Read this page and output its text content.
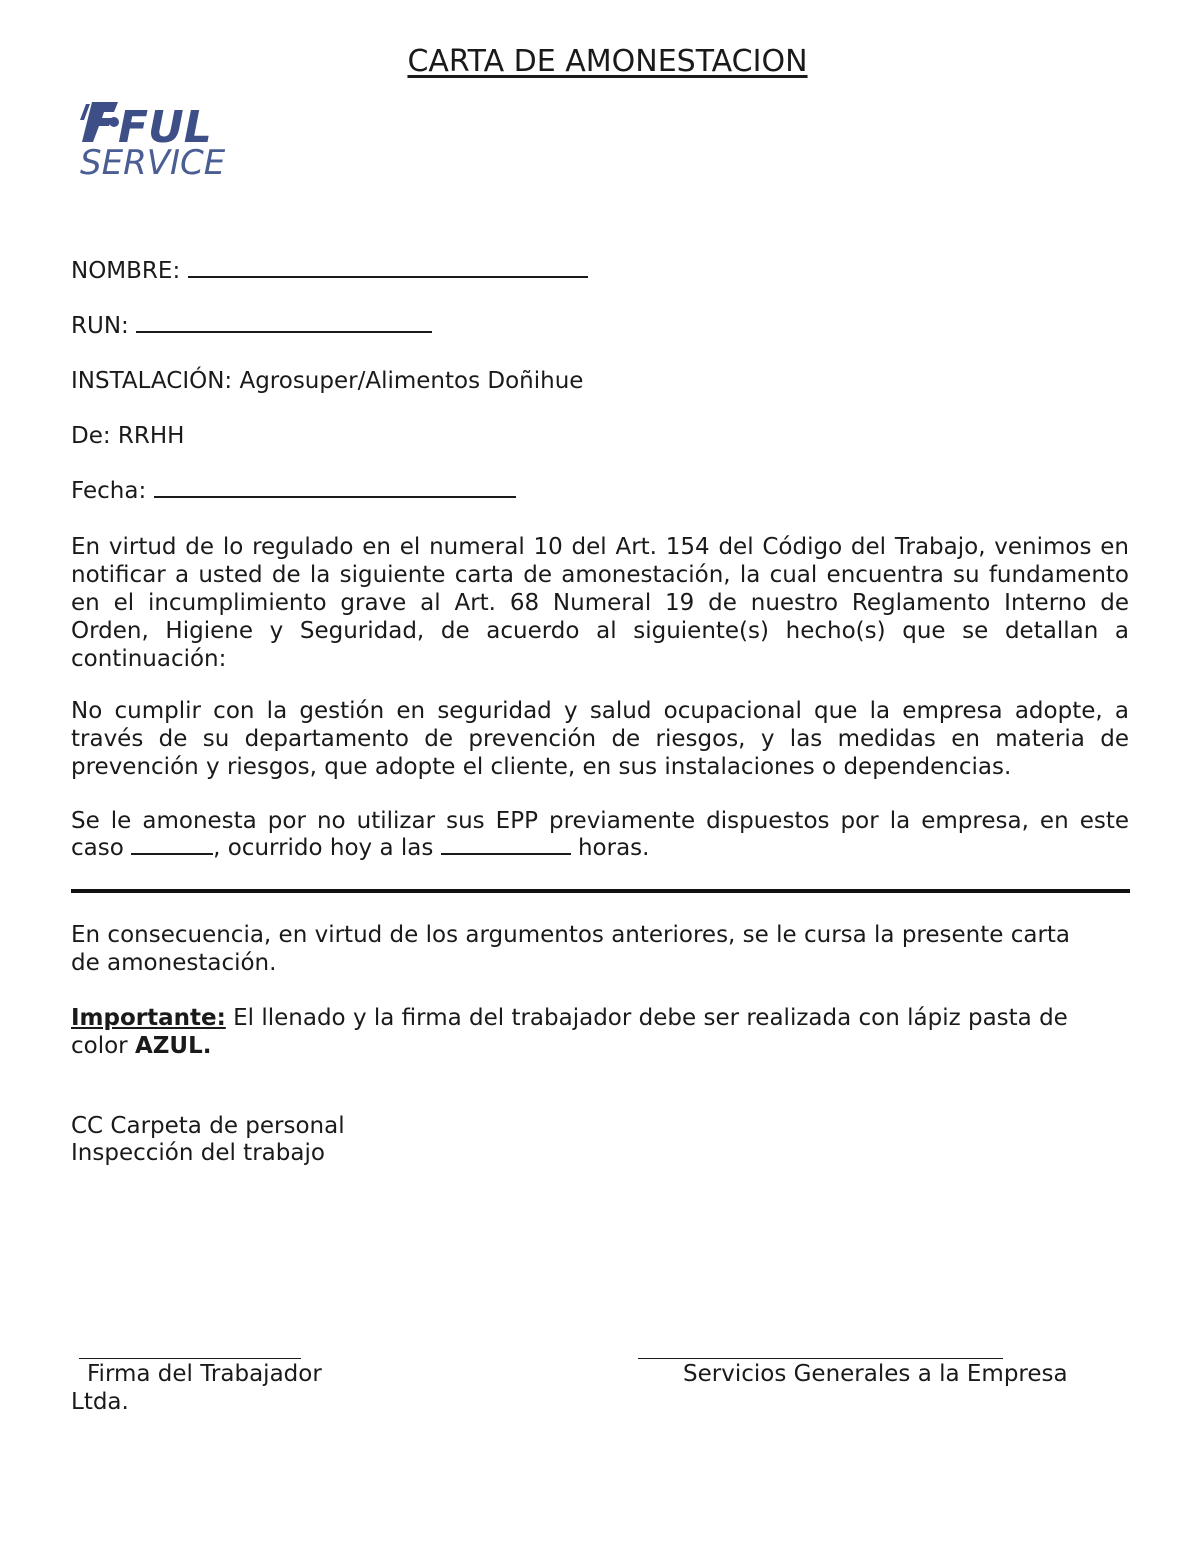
CARTA DE AMONESTACION
FUL
SERVICE
NOMBRE:
RUN:
INSTALACIÓN: Agrosuper/Alimentos Doñihue
De: RRHH
Fecha:
En virtud de lo regulado en el numeral 10 del Art. 154 del Código del Trabajo, venimos en notificar a usted de la siguiente carta de amonestación, la cual encuentra su fundamento en el incumplimiento grave al Art. 68 Numeral 19 de nuestro Reglamento Interno de Orden, Higiene y Seguridad, de acuerdo al siguiente(s) hecho(s) que se detallan a continuación:
No cumplir con la gestión en seguridad y salud ocupacional que la empresa adopte, a través de su departamento de prevención de riesgos, y las medidas en materia de prevención y riesgos, que adopte el cliente, en sus instalaciones o dependencias.
Se le amonesta por no utilizar sus EPP previamente dispuestos por la empresa, en este
caso	, ocurrido hoy a las	horas.
En consecuencia, en virtud de los argumentos anteriores, se le cursa la presente carta de amonestación.
Importante: El llenado y la firma del trabajador debe ser realizada con lápiz pasta de color AZUL.
CC Carpeta de personal
Inspección del trabajo
Firma del Trabajador	Servicios Generales a la Empresa
Ltda.
